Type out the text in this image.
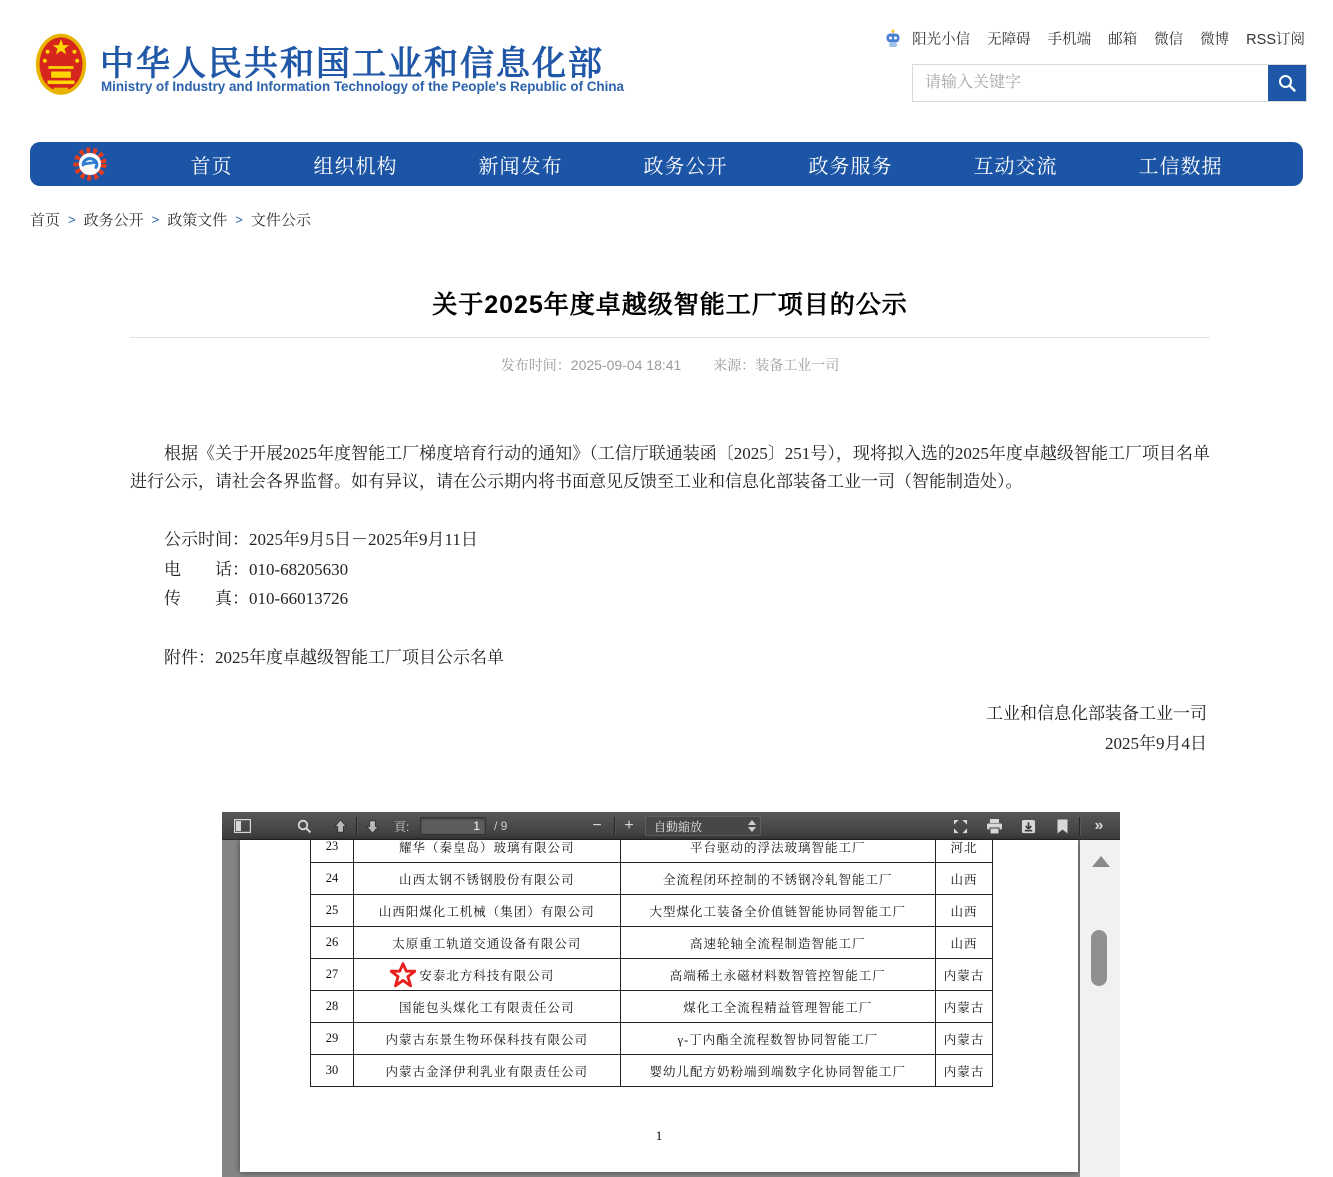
中华人民共和国工业和信息化部
Ministry of Industry and Information Technology of the People's Republic of China
阳光小信 无障碍 手机端 邮箱 微信 微博 RSS订阅
请输入关键字
首页	组织机构	新闻发布	政务公开	政务服务	互动交流	工信数据
首页 > 政务公开 > 政策文件 > 文件公示
关于2025年度卓越级智能工厂项目的公示
发布时间：2025-09-04 18:41 来源：装备工业一司

根据《关于开展2025年度智能工厂梯度培育行动的通知》（工信厅联通装函〔2025〕251号），现将拟入选的2025年度卓越级智能工厂项目名单进行公示，请社会各界监督。如有异议，请在公示期内将书面意见反馈至工业和信息化部装备工业一司（智能制造处）。

公示时间：2025年9月5日－2025年9月11日
电　　话：010-68205630
传　　真：010-66013726
附件：2025年度卓越级智能工厂项目公示名单
工业和信息化部装备工业一司
2025年9月4日
頁:
1	/ 9	−	+	自動縮放	»
23	耀华（秦皇岛）玻璃有限公司	平台驱动的浮法玻璃智能工厂	河北
24	山西太钢不锈钢股份有限公司	全流程闭环控制的不锈钢冷轧智能工厂	山西
25	山西阳煤化工机械（集团）有限公司	大型煤化工装备全价值链智能协同智能工厂	山西
26	太原重工轨道交通设备有限公司	高速轮轴全流程制造智能工厂	山西
27	安泰北方科技有限公司	高端稀土永磁材料数智管控智能工厂	内蒙古
28	国能包头煤化工有限责任公司	煤化工全流程精益管理智能工厂	内蒙古
29	内蒙古东景生物环保科技有限公司	γ-丁内酯全流程数智协同智能工厂	内蒙古
30	内蒙古金泽伊利乳业有限责任公司	婴幼儿配方奶粉端到端数字化协同智能工厂	内蒙古
1
